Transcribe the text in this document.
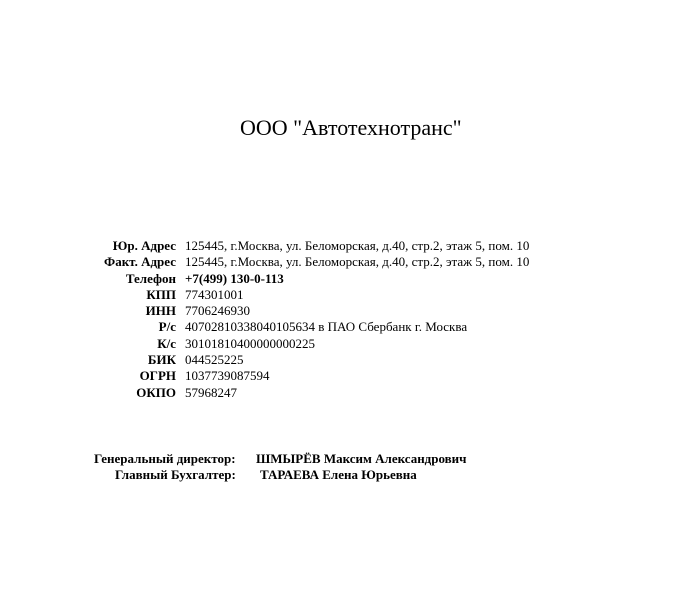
ООО "Автотехнотранс"
Юр. Адрес 125445, г.Москва, ул. Беломорская, д.40, стр.2, этаж 5, пом. 10
Факт. Адрес 125445, г.Москва, ул. Беломорская, д.40, стр.2, этаж 5, пом. 10
Телефон +7(499) 130-0-113
КПП 774301001
ИНН 7706246930
Р/с 40702810338040105634 в ПАО Сбербанк г. Москва
К/с 30101810400000000225
БИК 044525225
ОГРН 1037739087594
ОКПО 57968247
Генеральный директор: ШМЫРЁВ Максим Александрович
Главный Бухгалтер: ТАРАЕВА Елена Юрьевна
